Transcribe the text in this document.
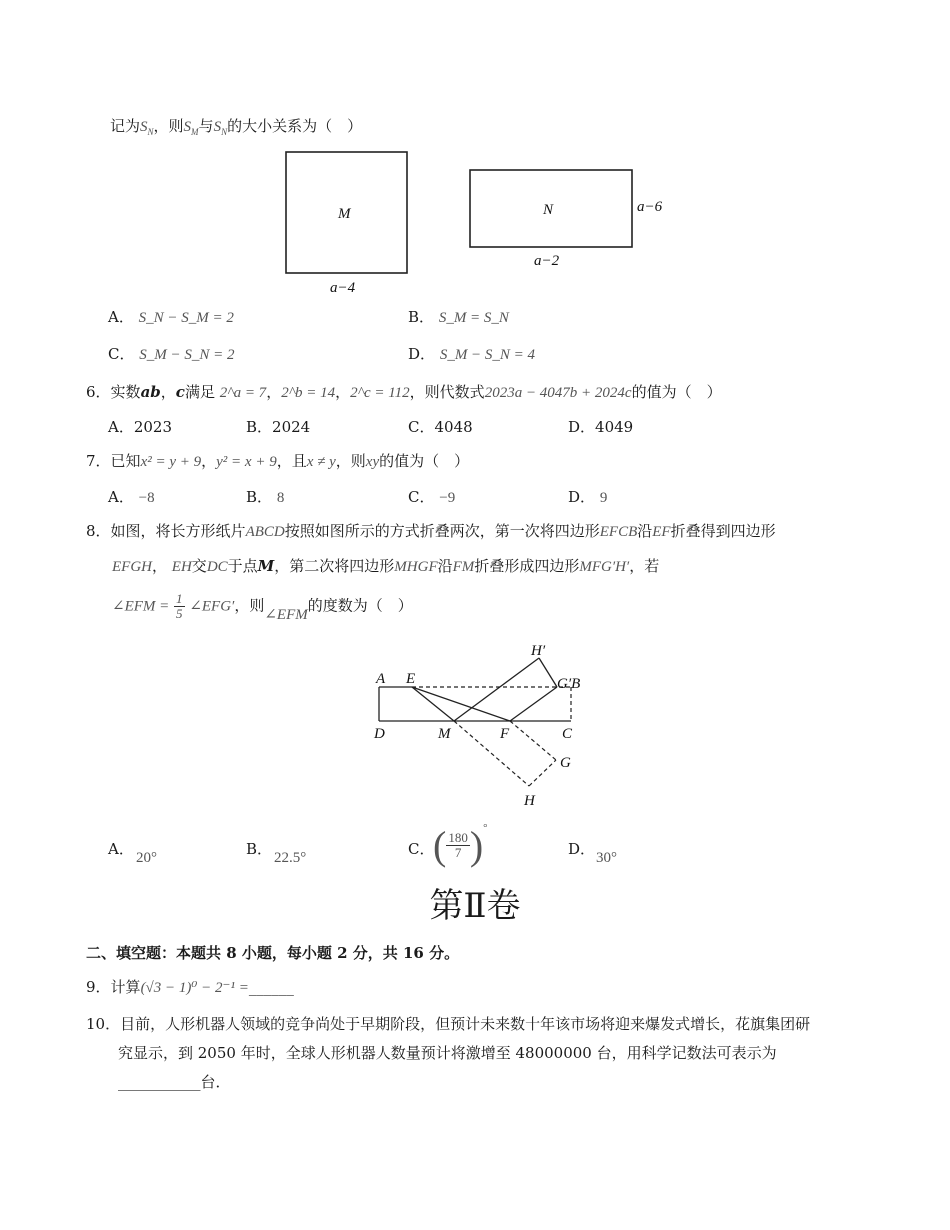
记为$S_N$，则$S_M$与$S_N$的大小关系为（　）
M
a−4
N
a−2
a−6
A． S_N − S_M = 2	B． S_M = S_N
C． S_M − S_N = 2	D． S_M − S_N = 4
6．实数ab，c满足 2^a = 7，2^b = 14，2^c = 112，则代数式2023a − 4047b + 2024c的值为（　）
A．2023	B．2024	C．4048	D．4049
7．已知x² = y + 9，y² = x + 9，且x ≠ y，则xy的值为（　）
A． −8	B． 8	C． −9	D． 9
8．如图，将长方形纸片ABCD按照如图所示的方式折叠两次，第一次将四边形EFCB沿EF折叠得到四边形
EFGH， EH交DC于点M，第二次将四边形MHGF沿FM折叠形成四边形MFG′H′，若
∠EFM = $\frac{1}{5}$ ∠EFG′，则∠EFM的度数为（　）
A E
H′
G′B
D	M	F	C
G
H
A． 20°	B． 22.5°	C．
( $\frac{180}{7} )^\circ$
D． 30°
第Ⅱ卷
二、填空题：本题共 8 小题，每小题 2 分，共 16 分。
9．计算(√3 − 1)⁰ − 2⁻¹ =______
10．目前，人形机器人领域的竞争尚处于早期阶段，但预计未来数十年该市场将迎来爆发式增长，花旗集团研
究显示，到 2050 年时，全球人形机器人数量预计将激增至 48000000 台，用科学记数法可表示为
___________台．
